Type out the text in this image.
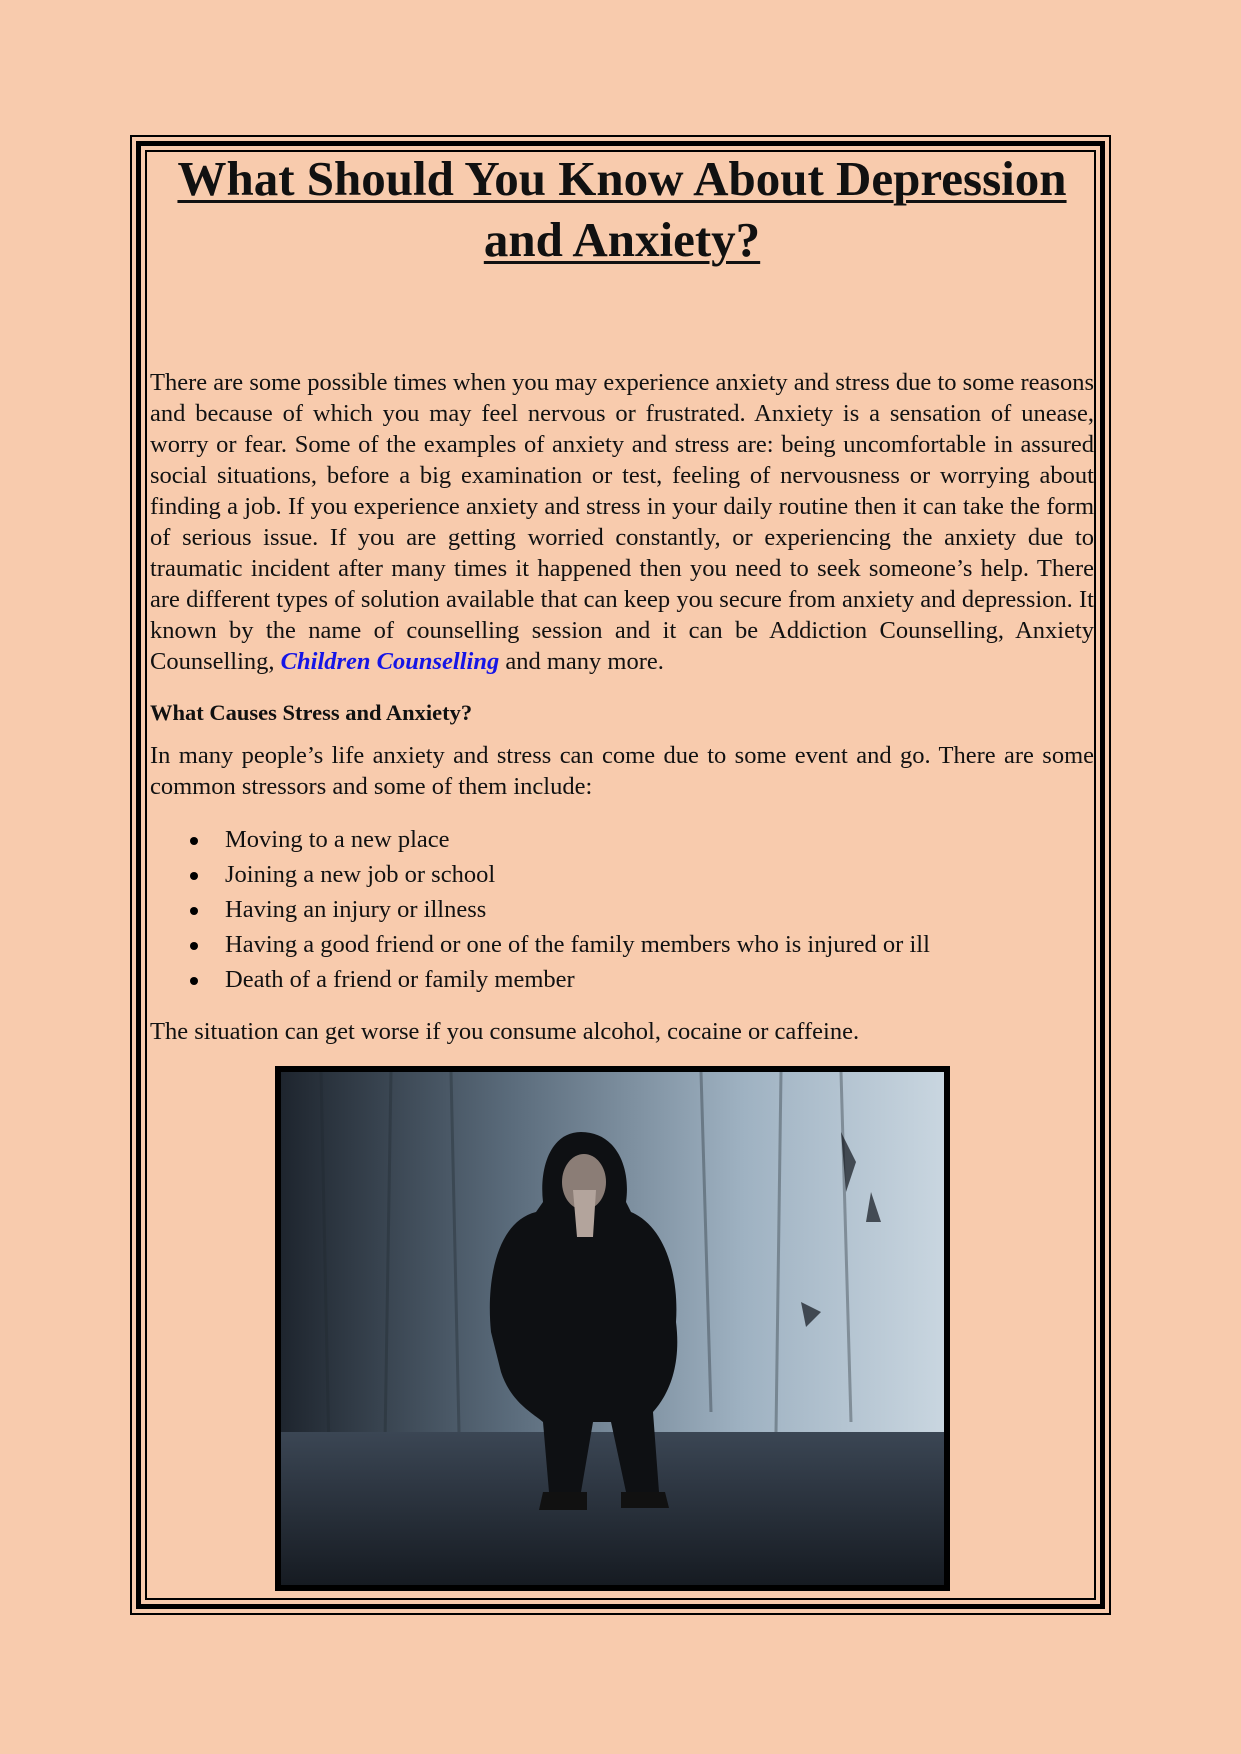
What Should You Know About Depression and Anxiety?

There are some possible times when you may experience anxiety and stress due to some reasons and because of which you may feel nervous or frustrated. Anxiety is a sensation of unease, worry or fear. Some of the examples of anxiety and stress are: being uncomfortable in assured social situations, before a big examination or test, feeling of nervousness or worrying about finding a job. If you experience anxiety and stress in your daily routine then it can take the form of serious issue. If you are getting worried constantly, or experiencing the anxiety due to traumatic incident after many times it happened then you need to seek someone’s help. There are different types of solution available that can keep you secure from anxiety and depression. It known by the name of counselling session and it can be Addiction Counselling, Anxiety Counselling, Children Counselling and many more.

What Causes Stress and Anxiety?

In many people’s life anxiety and stress can come due to some event and go. There are some common stressors and some of them include:

Moving to a new place
Joining a new job or school
Having an injury or illness
Having a good friend or one of the family members who is injured or ill
Death of a friend or family member

The situation can get worse if you consume alcohol, cocaine or caffeine.
